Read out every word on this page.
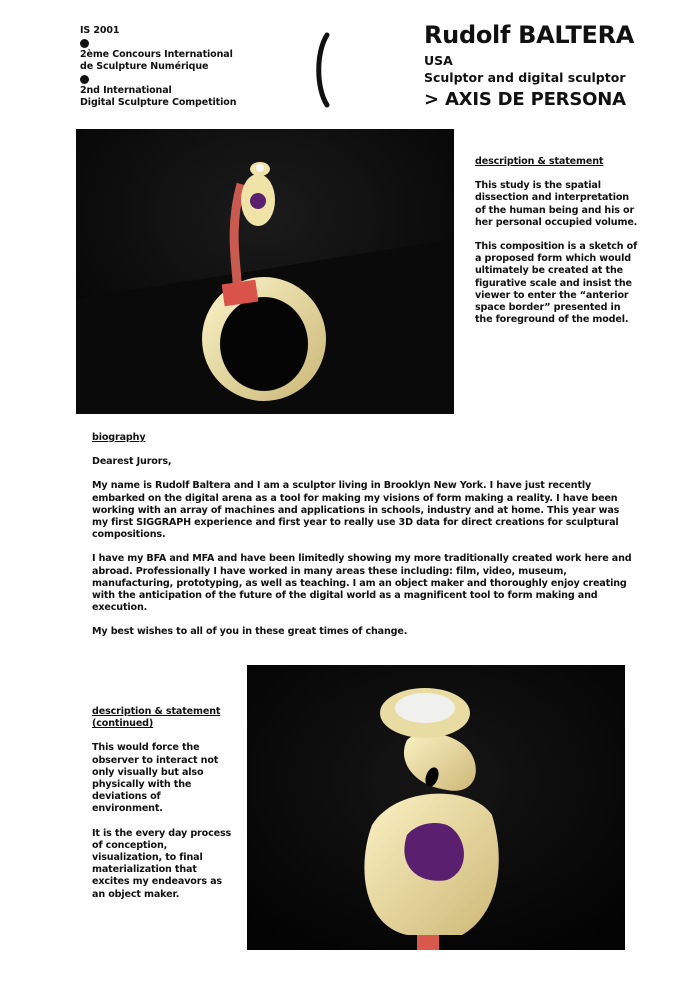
IS 2001
2ème Concours International
de Sculpture Numérique
2nd International
Digital Sculpture Competition
Rudolf BALTERA
USA
Sculptor and digital sculptor
> AXIS DE PERSONA
description & statement

This study is the spatial dissection and interpretation of the human being and his or her personal occupied volume.

This composition is a sketch of a proposed form which would ultimately be created at the figurative scale and insist the viewer to enter the “anterior space border” presented in the foreground of the model.

biography

Dearest Jurors,

My name is Rudolf Baltera and I am a sculptor living in Brooklyn New York. I have just recently embarked on the digital arena as a tool for making my visions of form making a reality. I have been working with an array of machines and applications in schools, industry and at home. This year was my first SIGGRAPH experience and first year to really use 3D data for direct creations for sculptural compositions.

I have my BFA and MFA and have been limitedly showing my more traditionally created work here and abroad. Professionally I have worked in many areas these including: film, video, museum, manufacturing, prototyping, as well as teaching. I am an object maker and thoroughly enjoy creating with the anticipation of the future of the digital world as a magnificent tool to form making and execution.

My best wishes to all of you in these great times of change.

description & statement
(continued)

This would force the observer to interact not only visually but also physically with the deviations of environment.

It is the every day process of conception, visualization, to final materialization that excites my endeavors as an object maker.
